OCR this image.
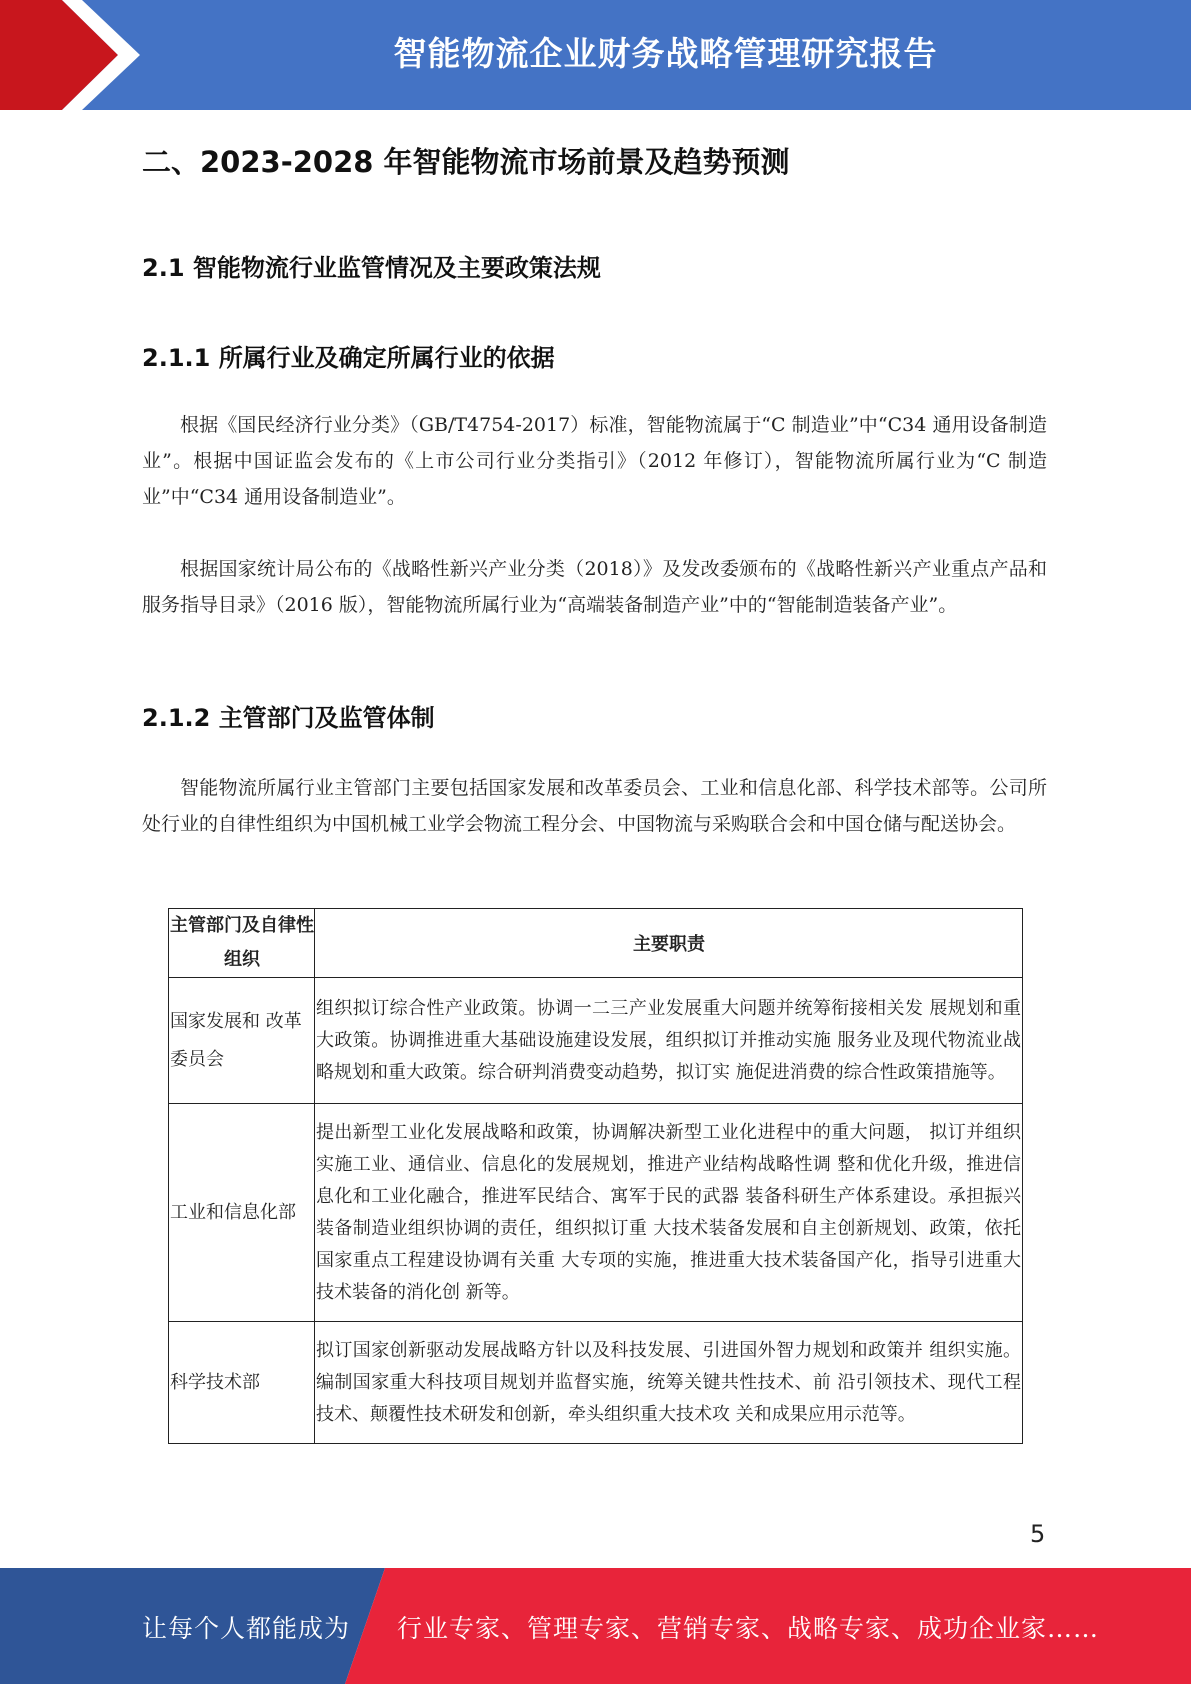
智能物流企业财务战略管理研究报告
二、2023-2028 年智能物流市场前景及趋势预测
2.1 智能物流行业监管情况及主要政策法规
2.1.1 所属行业及确定所属行业的依据

根据《国民经济行业分类》（GB/T4754-2017）标准，智能物流属于“C 制造业”中“C34 通用设备制造业”。根据中国证监会发布的《上市公司行业分类指引》（2012 年修订），智能物流所属行业为“C 制造业”中“C34 通用设备制造业”。

根据国家统计局公布的《战略性新兴产业分类（2018）》及发改委颁布的《战略性新兴产业重点产品和服务指导目录》（2016 版），智能物流所属行业为“高端装备制造产业”中的“智能制造装备产业”。

2.1.2 主管部门及监管体制

智能物流所属行业主管部门主要包括国家发展和改革委员会、工业和信息化部、科学技术部等。公司所处行业的自律性组织为中国机械工业学会物流工程分会、中国物流与采购联合会和中国仓储与配送协会。

主管部门及自律性组织	主要职责
国家发展和 改革委员会	组织拟订综合性产业政策。协调一二三产业发展重大问题并统筹衔接相关发 展规划和重大政策。协调推进重大基础设施建设发展，组织拟订并推动实施 服务业及现代物流业战略规划和重大政策。综合研判消费变动趋势，拟订实 施促进消费的综合性政策措施等。
工业和信息化部	提出新型工业化发展战略和政策，协调解决新型工业化进程中的重大问题， 拟订并组织实施工业、通信业、信息化的发展规划，推进产业结构战略性调 整和优化升级，推进信息化和工业化融合，推进军民结合、寓军于民的武器 装备科研生产体系建设。承担振兴装备制造业组织协调的责任，组织拟订重 大技术装备发展和自主创新规划、政策，依托国家重点工程建设协调有关重 大专项的实施，推进重大技术装备国产化，指导引进重大技术装备的消化创 新等。
科学技术部	拟订国家创新驱动发展战略方针以及科技发展、引进国外智力规划和政策并 组织实施。编制国家重大科技项目规划并监督实施，统筹关键共性技术、前 沿引领技术、现代工程技术、颠覆性技术研发和创新，牵头组织重大技术攻 关和成果应用示范等。
5
让每个人都能成为 行业专家、管理专家、营销专家、战略专家、成功企业家……
